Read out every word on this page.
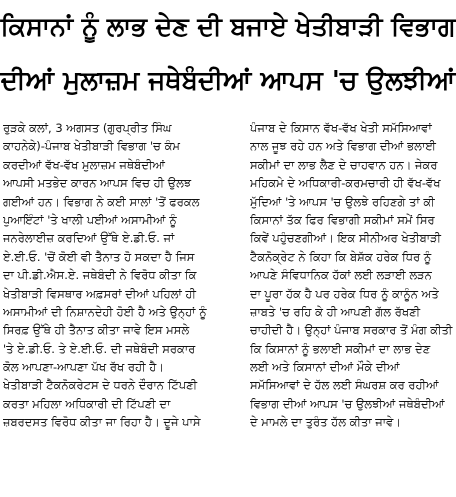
ਕਿਸਾਨਾਂ ਨੂੰ ਲਾਭ ਦੇਣ ਦੀ ਬਜਾਏ ਖੇਤੀਬਾੜੀ ਵਿਭਾਗ
ਦੀਆਂ ਮੁਲਾਜ਼ਮ ਜਥੇਬੰਦੀਆਂ ਆਪਸ 'ਚ ਉਲਝੀਆਂ
ਰੁੜਕੇ ਕਲਾਂ, 3 ਅਗਸਤ (ਗੁਰਪ੍ਰੀਤ ਸਿੰਘ
ਕਾਹਨੇਕੇ)-ਪੰਜਾਬ ਖੇਤੀਬਾੜੀ ਵਿਭਾਗ 'ਚ ਕੰਮ
ਕਰਦੀਆਂ ਵੱਖ-ਵੱਖ ਮੁਲਾਜ਼ਮ ਜਥੇਬੰਦੀਆਂ
ਆਪਸੀ ਮਤਭੇਦ ਕਾਰਨ ਆਪਸ ਵਿਚ ਹੀ ਉਲਝ
ਗਈਆਂ ਹਨ। ਵਿਭਾਗ ਨੇ ਕਈ ਸਾਲਾਂ 'ਤੋਂ ਫਰਕਲ
ਪੁਆਇੰਟਾਂ 'ਤੇ ਖਾਲੀ ਪਈਆਂ ਅਸਾਮੀਆਂ ਨੂੰ
ਜਨਰੇਲਾਈਜ਼ ਕਰਦਿਆਂ ਉੱਥੇ ਏ.ਡੀ.ਓ. ਜਾਂ
ਏ.ਈ.ਓ. 'ਚੋਂ ਕੋਈ ਵੀ ਤੈਨਾਤ ਹੋ ਸਕਦਾ ਹੈ ਜਿਸ
ਦਾ ਪੀ.ਡੀ.ਐਸ.ਏ. ਜਥੇਬੰਦੀ ਨੇ ਵਿਰੋਧ ਕੀਤਾ ਕਿ
ਖੇਤੀਬਾੜੀ ਵਿਸਥਾਰ ਅਫ਼ਸਰਾਂ ਦੀਆਂ ਪਹਿਲਾਂ ਹੀ
ਅਸਾਮੀਆਂ ਦੀ ਨਿਸ਼ਾਨਦੇਹੀ ਹੋਈ ਹੈ ਅਤੇ ਉਨ੍ਹਾਂ ਨੂੰ
ਸਿਰਫ਼ ਉੱਥੇ ਹੀ ਤੈਨਾਤ ਕੀਤਾ ਜਾਵੇ ਇਸ ਮਸਲੇ
'ਤੇ ਏ.ਡੀ.ਓ. ਤੇ ਏ.ਈ.ਓ. ਦੀ ਜਥੇਬੰਦੀ ਸਰਕਾਰ
ਕੋਲ ਆਪਣਾ-ਆਪਣਾ ਪੱਖ ਰੱਖ ਰਹੀ ਹੈ।
ਖੇਤੀਬਾੜੀ ਟੈਕਨੋਕਰੇਟਸ ਦੇ ਧਰਨੇ ਦੌਰਾਨ ਟਿੱਪਣੀ
ਕਰਤਾ ਮਹਿਲਾ ਅਧਿਕਾਰੀ ਦੀ ਟਿੱਪਣੀ ਦਾ
ਜ਼ਬਰਦਸਤ ਵਿਰੋਧ ਕੀਤਾ ਜਾ ਰਿਹਾ ਹੈ। ਦੂਜੇ ਪਾਸੇ
ਪੰਜਾਬ ਦੇ ਕਿਸਾਨ ਵੱਖ-ਵੱਖ ਖੇਤੀ ਸਮੱਸਿਆਵਾਂ
ਨਾਲ ਜੂਝ ਰਹੇ ਹਨ ਅਤੇ ਵਿਭਾਗ ਦੀਆਂ ਭਲਾਈ
ਸਕੀਮਾਂ ਦਾ ਲਾਭ ਲੈਣ ਦੇ ਚਾਹਵਾਨ ਹਨ। ਜੇਕਰ
ਮਹਿਕਮੇ ਦੇ ਅਧਿਕਾਰੀ-ਕਰਮਚਾਰੀ ਹੀ ਵੱਖ-ਵੱਖ
ਮੁੱਦਿਆਂ 'ਤੇ ਆਪਸ 'ਚ ਉਲਝੇ ਰਹਿਣਗੇ ਤਾਂ ਕੀ
ਕਿਸਾਨਾਂ ਤੱਕ ਫਿਰ ਵਿਭਾਗੀ ਸਕੀਮਾਂ ਸਮੇਂ ਸਿਰ
ਕਿਵੇਂ ਪਹੁੰਚਣਗੀਆਂ। ਇਕ ਸੀਨੀਅਰ ਖੇਤੀਬਾੜੀ
ਟੈਕਨੋਕ੍ਰੇਟ ਨੇ ਕਿਹਾ ਕਿ ਬੇਸ਼ੱਕ ਹਰੇਕ ਧਿਰ ਨੂੰ
ਆਪਣੇ ਸੰਵਿਧਾਨਿਕ ਹੱਕਾਂ ਲਈ ਲੜਾਈ ਲੜਨ
ਦਾ ਪੂਰਾ ਹੱਕ ਹੈ ਪਰ ਹਰੇਕ ਧਿਰ ਨੂੰ ਕਾਨੂੰਨ ਅਤੇ
ਜ਼ਾਬਤੇ 'ਚ ਰਹਿ ਕੇ ਹੀ ਆਪਣੀ ਗੱਲ ਰੱਖਣੀ
ਚਾਹੀਦੀ ਹੈ। ਉਨ੍ਹਾਂ ਪੰਜਾਬ ਸਰਕਾਰ ਤੋਂ ਮੰਗ ਕੀਤੀ
ਕਿ ਕਿਸਾਨਾਂ ਨੂੰ ਭਲਾਈ ਸਕੀਮਾਂ ਦਾ ਲਾਭ ਦੇਣ
ਲਈ ਅਤੇ ਕਿਸਾਨਾਂ ਦੀਆਂ ਮੌਕੇ ਦੀਆਂ
ਸਮੱਸਿਆਵਾਂ ਦੇ ਹੱਲ ਲਈ ਸੰਘਰਸ਼ ਕਰ ਰਹੀਆਂ
ਵਿਭਾਗ ਦੀਆਂ ਆਪਸ 'ਚ ਉਲਝੀਆਂ ਜਥੇਬੰਦੀਆਂ
ਦੇ ਮਾਮਲੇ ਦਾ ਤੁਰੰਤ ਹੱਲ ਕੀਤਾ ਜਾਵੇ।
